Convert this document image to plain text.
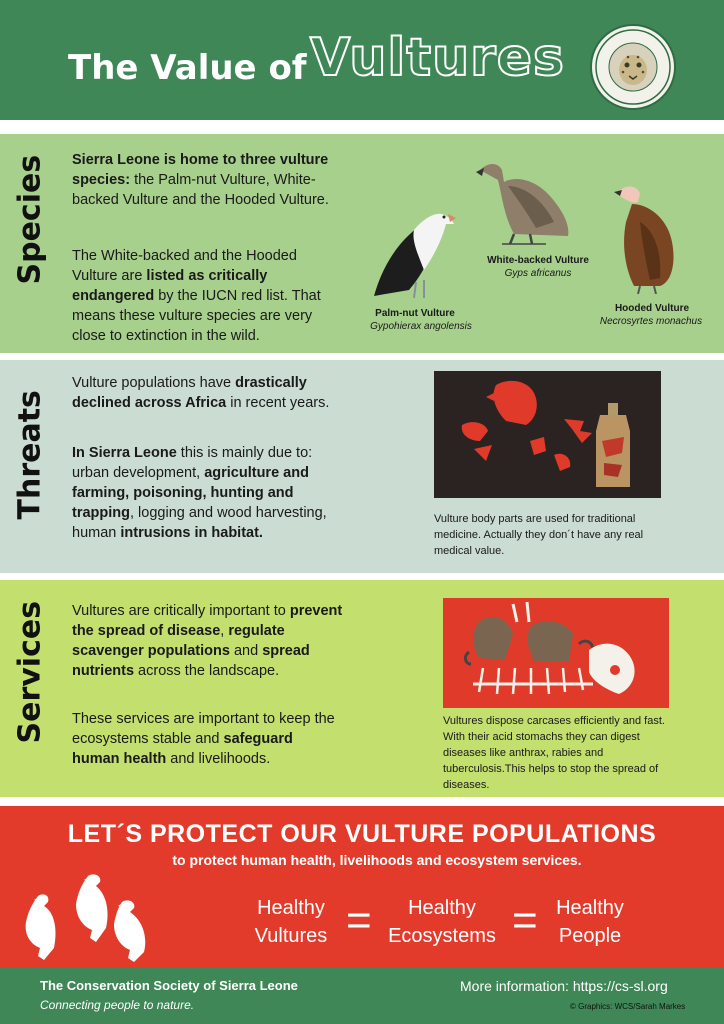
The Value of Vultures
Species Sierra Leone is home to three vulture species: the Palm-nut Vulture, White-backed Vulture and the Hooded Vulture.
The White-backed and the Hooded Vulture are listed as critically endangered by the IUCN red list. That means these vulture species are very close to extinction in the wild.
Palm-nut Vulture
Gypohierax angolensis
White-backed Vulture
Gyps africanus
Hooded Vulture
Necrosyrtes monachus
Threats
Vulture populations have drastically declined across Africa in recent years.
In Sierra Leone this is mainly due to: urban development, agriculture and farming, poisoning, hunting and trapping, logging and wood harvesting, human intrusions in habitat.
Vulture body parts are used for traditional medicine. Actually they don´t have any real medical value.
Services Vultures are critically important to prevent the spread of disease, regulate scavenger populations and spread nutrients across the landscape.
These services are important to keep the ecosystems stable and safeguard human health and livelihoods.
Vultures dispose carcases efficiently and fast. With their acid stomachs they can digest diseases like anthrax, rabies and tuberculosis.This helps to stop the spread of diseases.
LET´S PROTECT OUR VULTURE POPULATIONS
to protect human health, livelihoods and ecosystem services.
Healthy
Vultures =	Healthy
Ecosystems = Healthy
People
The Conservation Society of Sierra Leone
Connecting people to nature.
More information: https://cs-sl.org
© Graphics: WCS/Sarah Markes
